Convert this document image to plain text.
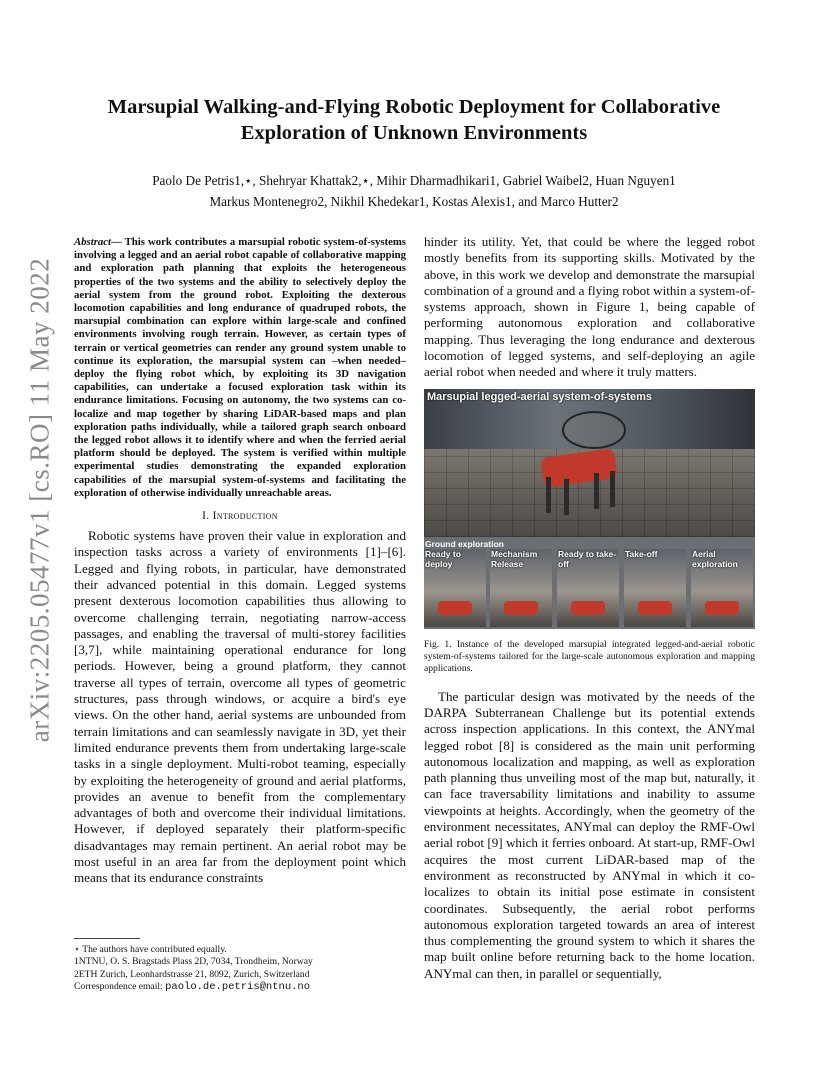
arXiv:2205.05477v1 [cs.RO] 11 May 2022
Marsupial Walking-and-Flying Robotic Deployment for Collaborative Exploration of Unknown Environments
Paolo De Petris1,⋆, Shehryar Khattak2,⋆, Mihir Dharmadhikari1, Gabriel Waibel2, Huan Nguyen1
Markus Montenegro2, Nikhil Khedekar1, Kostas Alexis1, and Marco Hutter2

Abstract— This work contributes a marsupial robotic system-of-systems involving a legged and an aerial robot capable of collaborative mapping and exploration path planning that exploits the heterogeneous properties of the two systems and the ability to selectively deploy the aerial system from the ground robot. Exploiting the dexterous locomotion capabilities and long endurance of quadruped robots, the marsupial combination can explore within large-scale and confined environments involving rough terrain. However, as certain types of terrain or vertical geometries can render any ground system unable to continue its exploration, the marsupial system can –when needed– deploy the flying robot which, by exploiting its 3D navigation capabilities, can undertake a focused exploration task within its endurance limitations. Focusing on autonomy, the two systems can co-localize and map together by sharing LiDAR-based maps and plan exploration paths individually, while a tailored graph search onboard the legged robot allows it to identify where and when the ferried aerial platform should be deployed. The system is verified within multiple experimental studies demonstrating the expanded exploration capabilities of the marsupial system-of-systems and facilitating the exploration of otherwise individually unreachable areas.

I. Introduction

Robotic systems have proven their value in exploration and inspection tasks across a variety of environments [1]–[6]. Legged and flying robots, in particular, have demonstrated their advanced potential in this domain. Legged systems present dexterous locomotion capabilities thus allowing to overcome challenging terrain, negotiating narrow-access passages, and enabling the traversal of multi-storey facilities [3,7], while maintaining operational endurance for long periods. However, being a ground platform, they cannot traverse all types of terrain, overcome all types of geometric structures, pass through windows, or acquire a bird's eye views. On the other hand, aerial systems are unbounded from terrain limitations and can seamlessly navigate in 3D, yet their limited endurance prevents them from undertaking large-scale tasks in a single deployment. Multi-robot teaming, especially by exploiting the heterogeneity of ground and aerial platforms, provides an avenue to benefit from the complementary advantages of both and overcome their individual limitations. However, if deployed separately their platform-specific disadvantages may remain pertinent. An aerial robot may be most useful in an area far from the deployment point which means that its endurance constraints

⋆ The authors have contributed equally.
1NTNU, O. S. Bragstads Plass 2D, 7034, Trondheim, Norway
2ETH Zurich, Leonhardstrasse 21, 8092, Zurich, Switzerland
Correspondence email: paolo.de.petris@ntnu.no

hinder its utility. Yet, that could be where the legged robot mostly benefits from its supporting skills. Motivated by the above, in this work we develop and demonstrate the marsupial combination of a ground and a flying robot within a system-of-systems approach, shown in Figure 1, being capable of performing autonomous exploration and collaborative mapping. Thus leveraging the long endurance and dexterous locomotion of legged systems, and self-deploying an agile aerial robot when needed and where it truly matters.

Marsupial legged-aerial system-of-systems
Ready to deploy
Mechanism Release
Ready to take-off
Take-off	Aerial exploration
Ground exploration
Fig. 1. Instance of the developed marsupial integrated legged-and-aerial robotic system-of-systems tailored for the large-scale autonomous exploration and mapping applications.

The particular design was motivated by the needs of the DARPA Subterranean Challenge but its potential extends across inspection applications. In this context, the ANYmal legged robot [8] is considered as the main unit performing autonomous localization and mapping, as well as exploration path planning thus unveiling most of the map but, naturally, it can face traversability limitations and inability to assume viewpoints at heights. Accordingly, when the geometry of the environment necessitates, ANYmal can deploy the RMF-Owl aerial robot [9] which it ferries onboard. At start-up, RMF-Owl acquires the most current LiDAR-based map of the environment as reconstructed by ANYmal in which it co-localizes to obtain its initial pose estimate in consistent coordinates. Subsequently, the aerial robot performs autonomous exploration targeted towards an area of interest thus complementing the ground system to which it shares the map built online before returning back to the home location. ANYmal can then, in parallel or sequentially,
